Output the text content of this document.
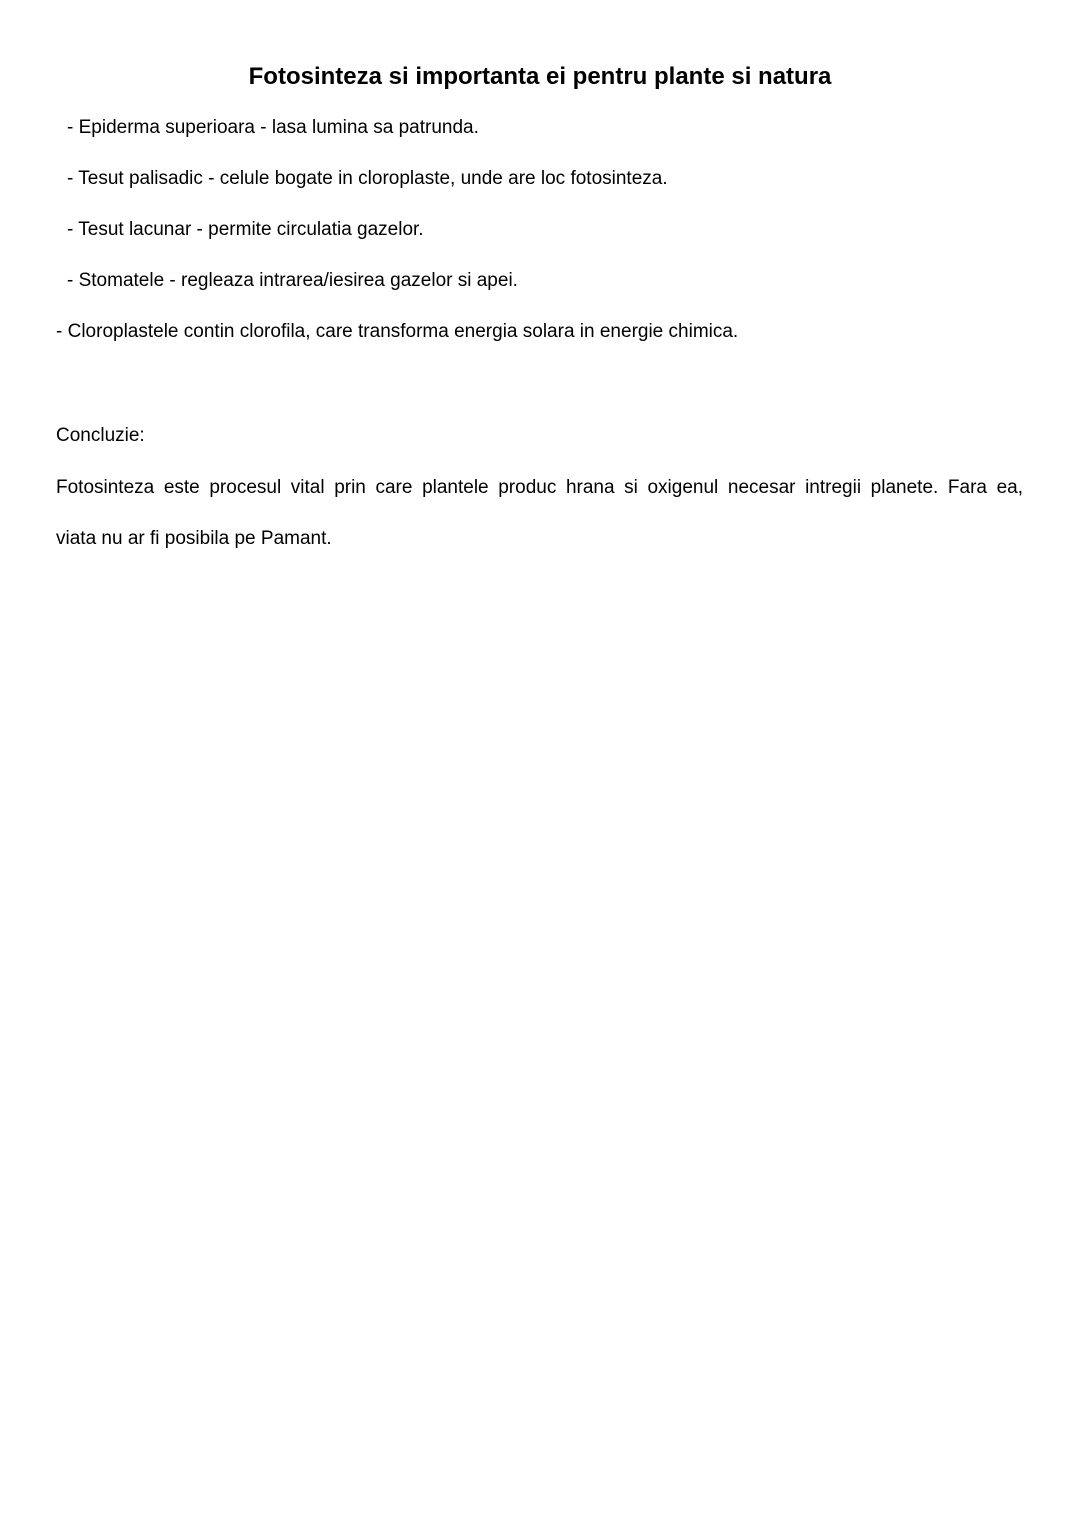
Fotosinteza si importanta ei pentru plante si natura

- Epiderma superioara - lasa lumina sa patrunda.

- Tesut palisadic - celule bogate in cloroplaste, unde are loc fotosinteza.

- Tesut lacunar - permite circulatia gazelor.

- Stomatele - regleaza intrarea/iesirea gazelor si apei.

- Cloroplastele contin clorofila, care transforma energia solara in energie chimica.

Concluzie:

Fotosinteza este procesul vital prin care plantele produc hrana si oxigenul necesar intregii planete. Fara ea,

viata nu ar fi posibila pe Pamant.
